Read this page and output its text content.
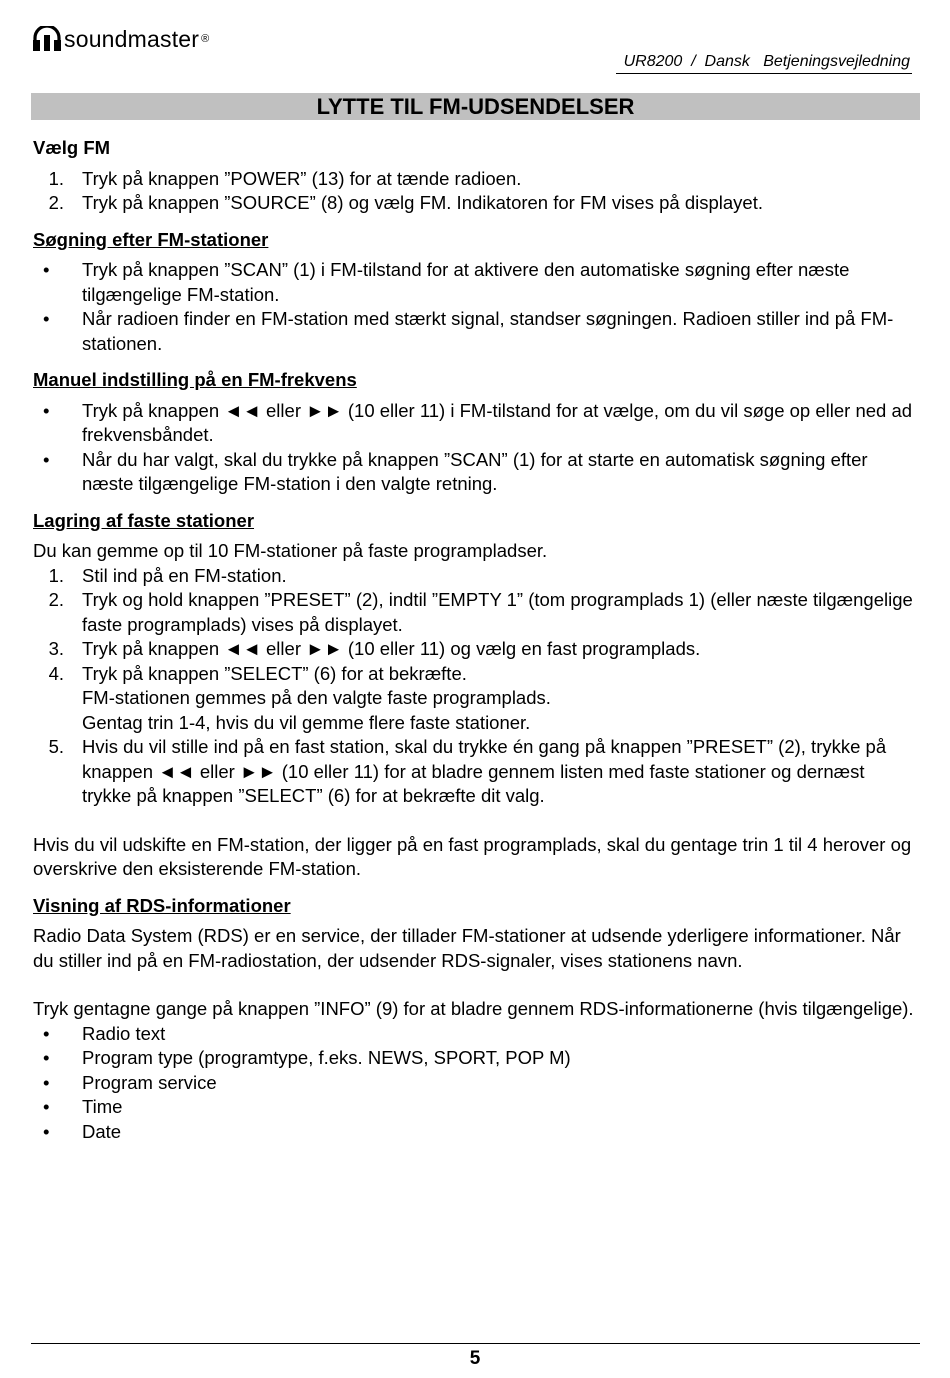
soundmaster ®
UR8200  /  Dansk   Betjeningsvejledning
LYTTE TIL FM-UDSENDELSER
Vælg FM
1. Tryk på knappen ”POWER” (13) for at tænde radioen.
2. Tryk på knappen ”SOURCE” (8) og vælg FM. Indikatoren for FM vises på displayet.
Søgning efter FM-stationer
•	Tryk på knappen ”SCAN” (1) i FM-tilstand for at aktivere den automatiske søgning efter næste tilgængelige FM-station.
•	Når radioen finder en FM-station med stærkt signal, standser søgningen. Radioen stiller ind på FM-stationen.
Manuel indstilling på en FM-frekvens
•	Tryk på knappen ◄◄ eller ►► (10 eller 11) i FM-tilstand for at vælge, om du vil søge op eller ned ad frekvensbåndet.
•	Når du har valgt, skal du trykke på knappen ”SCAN” (1) for at starte en automatisk søgning efter næste tilgængelige FM-station i den valgte retning.
Lagring af faste stationer

Du kan gemme op til 10 FM-stationer på faste programpladser.

1. Stil ind på en FM-station.
2. Tryk og hold knappen ”PRESET” (2), indtil ”EMPTY 1” (tom programplads 1) (eller næste tilgængelige faste programplads) vises på displayet.
3. Tryk på knappen ◄◄ eller ►► (10 eller 11) og vælg en fast programplads.
4. Tryk på knappen ”SELECT” (6) for at bekræfte.
FM-stationen gemmes på den valgte faste programplads.
Gentag trin 1-4, hvis du vil gemme flere faste stationer.
5. Hvis du vil stille ind på en fast station, skal du trykke én gang på knappen ”PRESET” (2), trykke på knappen ◄◄ eller ►► (10 eller 11) for at bladre gennem listen med faste stationer og dernæst trykke på knappen ”SELECT” (6) for at bekræfte dit valg.

Hvis du vil udskifte en FM-station, der ligger på en fast programplads, skal du gentage trin 1 til 4 herover og overskrive den eksisterende FM-station.

Visning af RDS-informationer

Radio Data System (RDS) er en service, der tillader FM-stationer at udsende yderligere informationer. Når du stiller ind på en FM-radiostation, der udsender RDS-signaler, vises stationens navn.

Tryk gentagne gange på knappen ”INFO” (9) for at bladre gennem RDS-informationerne (hvis tilgængelige).

•	Radio text
•	Program type (programtype, f.eks. NEWS, SPORT, POP M)
•	Program service
•	Time
•	Date
5
